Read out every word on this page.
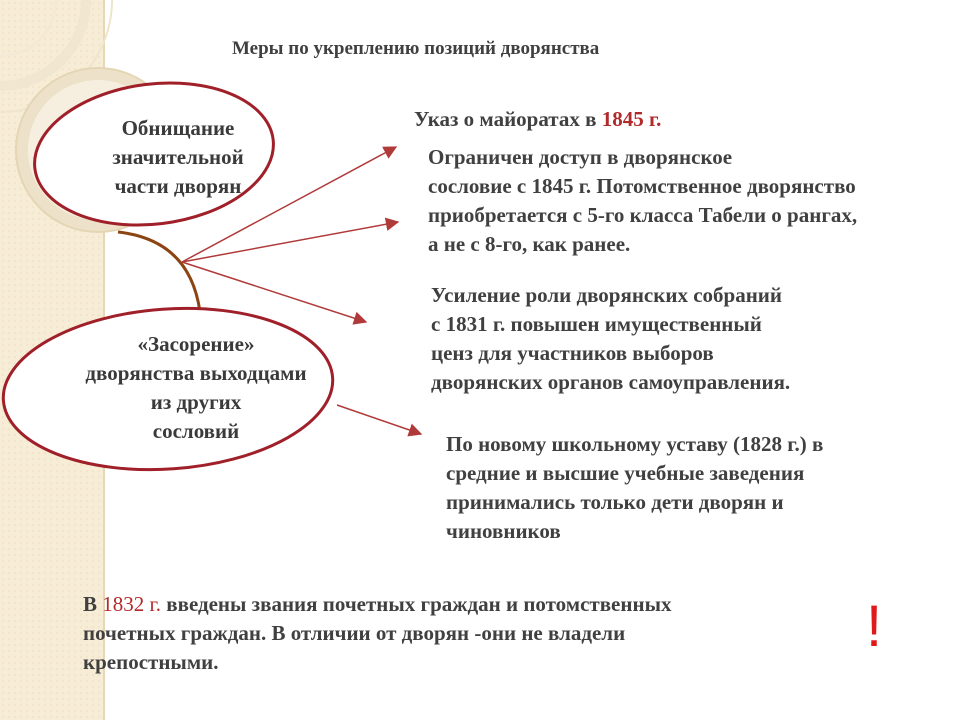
Меры по укреплению позиций дворянства
Обнищание
значительной
части дворян
«Засорение»
дворянства выходцами
из других
сословий
Указ о майоратах в 1845 г.
Ограничен доступ в дворянское
сословие с 1845 г. Потомственное дворянство
приобретается с 5-го класса Табели о рангах,
а не с 8-го, как ранее.
Усиление роли дворянских собраний
с 1831 г. повышен имущественный
ценз для участников выборов
дворянских органов самоуправления.
По новому школьному уставу (1828 г.) в
средние и высшие учебные заведения
принимались только дети дворян и
чиновников
В 1832 г. введены звания почетных граждан и потомственных
почетных граждан. В отличии от дворян -они не владели
крепостными.
!
